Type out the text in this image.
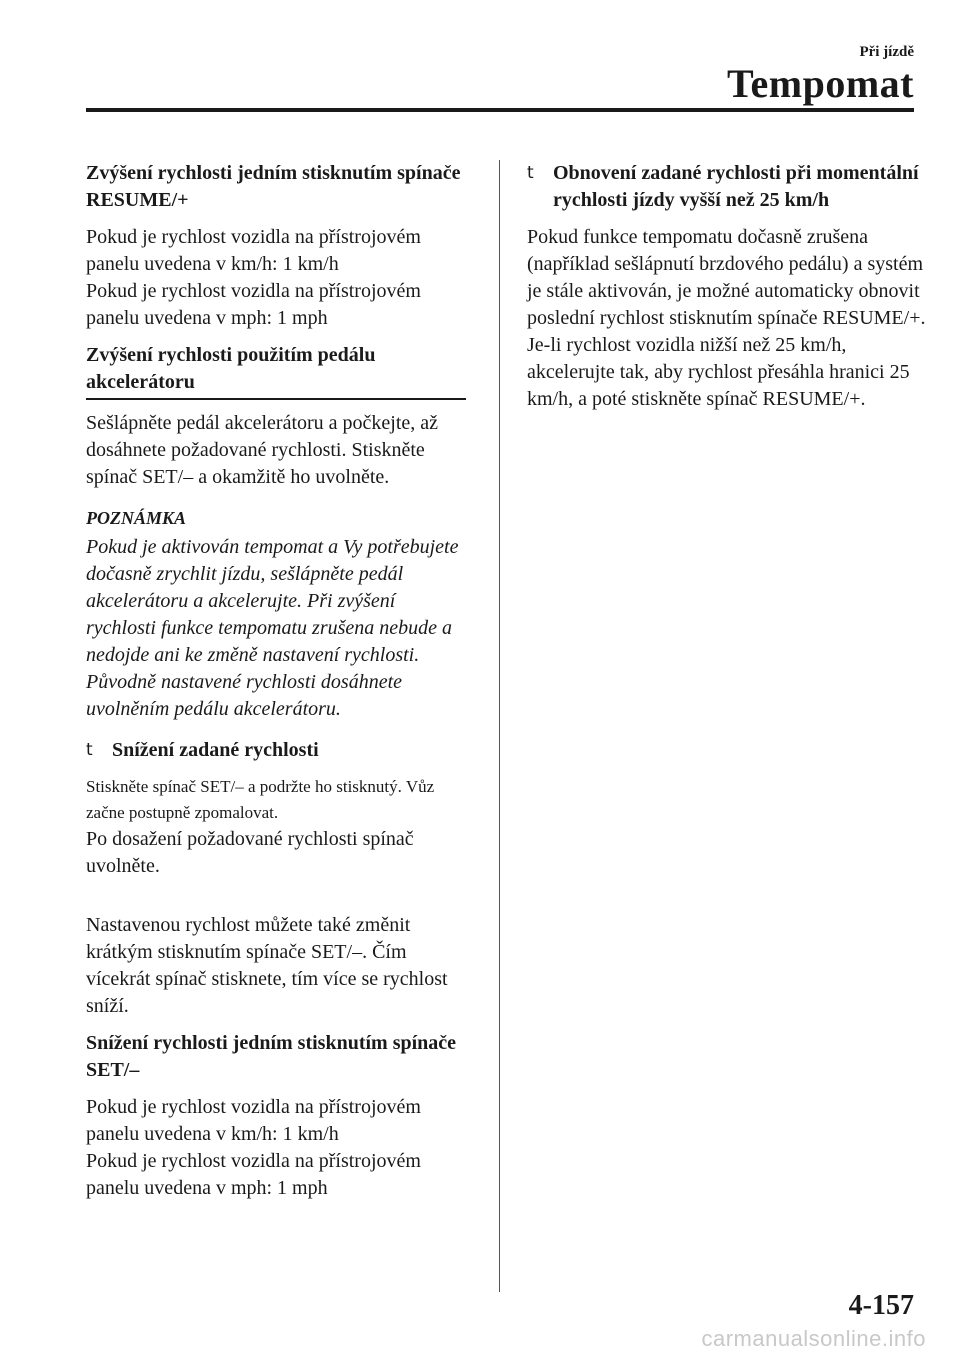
Při jízdě
Tempomat
Zvýšení rychlosti jedním stisknutím spínače RESUME/+

Pokud je rychlost vozidla na přístrojovém panelu uvedena v km/h: 1 km/h

Pokud je rychlost vozidla na přístrojovém panelu uvedena v mph: 1 mph

Zvýšení rychlosti použitím pedálu akcelerátoru

Sešlápněte pedál akcelerátoru a počkejte, až dosáhnete požadované rychlosti. Stiskněte spínač SET/– a okamžitě ho uvolněte.

POZNÁMKA
Pokud je aktivován tempomat a Vy potřebujete dočasně zrychlit jízdu, sešlápněte pedál akcelerátoru a akcelerujte. Při zvýšení rychlosti funkce tempomatu zrušena nebude a nedojde ani ke změně nastavení rychlosti. Původně nastavené rychlosti dosáhnete uvolněním pedálu akcelerátoru.
t Snížení zadané rychlosti

Stiskněte spínač SET/– a podržte ho stisknutý. Vůz začne postupně zpomalovat.

Po dosažení požadované rychlosti spínač uvolněte.

Nastavenou rychlost můžete také změnit krátkým stisknutím spínače SET/–. Čím vícekrát spínač stisknete, tím více se rychlost sníží.

Snížení rychlosti jedním stisknutím spínače SET/–

Pokud je rychlost vozidla na přístrojovém panelu uvedena v km/h: 1 km/h

Pokud je rychlost vozidla na přístrojovém panelu uvedena v mph: 1 mph

t Obnovení zadané rychlosti při momentální rychlosti jízdy vyšší než 25 km/h

Pokud funkce tempomatu dočasně zrušena (například sešlápnutí brzdového pedálu) a systém je stále aktivován, je možné automaticky obnovit poslední rychlost stisknutím spínače RESUME/+.

Je-li rychlost vozidla nižší než 25 km/h, akcelerujte tak, aby rychlost přesáhla hranici 25 km/h, a poté stiskněte spínač RESUME/+.

4-157
carmanualsonline.info
